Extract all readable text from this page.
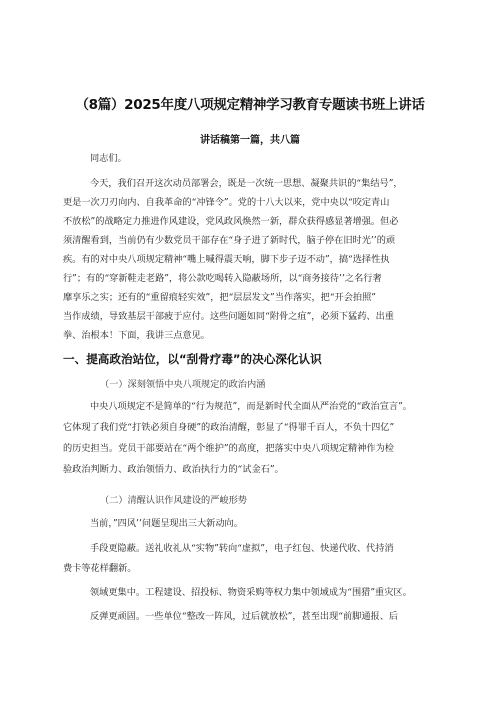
（8篇）2025年度八项规定精神学习教育专题读书班上讲话
讲话稿第一篇，共八篇
同志们。
今天，我们召开这次动员部署会，既是一次统一思想、凝聚共识的“集结号”，
更是一次刀刃向内、自我革命的“冲锋令”。党的十八大以来，党中央以“咬定青山
不放松”的战略定力推进作风建设，党风政风焕然一新，群众获得感显著增强。但必
须清醒看到，当前仍有少数党员干部存在“身子进了新时代，脑子停在旧时光’’的顽
疾。有的对中央八项规定精神“嘴上喊得震天响，脚下步子迈不动”，搞“选择性执
行”；有的“穿新鞋走老路”，将公款吃喝转入隐蔽场所，以“商务接待’’之名行奢
靡享乐之实；还有的“重留痕轻实效”，把“层层发文”当作落实，把“开会拍照”
当作成绩，导致基层干部疲于应付。这些问题如同“附骨之疽”，必须下猛药、出重
拳、治根本！下面，我讲三点意见。
一、提高政治站位，以“刮骨疗毒”的决心深化认识
（一）深刻领悟中央八项规定的政治内涵
中央八项规定不是简单的“行为规范”，而是新时代全面从严治党的“政治宣言”。
它体现了我们党“打铁必须自身硬”的政治清醒，彰显了“得罪千百人，不负十四亿”
的历史担当。党员干部要站在“两个维护”的高度，把落实中央八项规定精神作为检
验政治判断力、政治领悟力、政治执行力的“试金石”。
（二）清醒认识作风建设的严峻形势
当前，”四风’’问题呈现出三大新动向。
手段更隐蔽。送礼收礼从“实物”转向“虚拟”，电子红包、快递代收、代持消
费卡等花样翻新。
领域更集中。工程建设、招投标、物资采购等权力集中领域成为“围猎”重灾区。
反弹更顽固。一些单位“整改一阵风，过后就放松”，甚至出现“前脚通报、后
